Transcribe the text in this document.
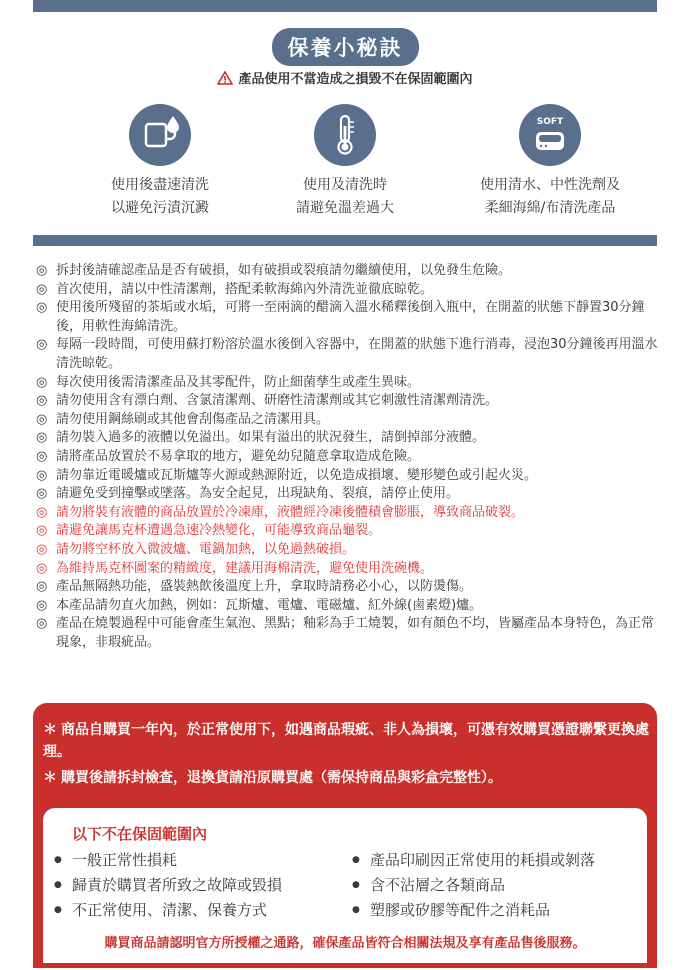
保養小秘訣
產品使用不當造成之損毀不在保固範圍內
使用後盡速清洗
以避免污漬沉澱
使用及清洗時
請避免溫差過大
SOFT
使用清水、中性洗劑及
柔細海綿/布清洗產品
◎ 拆封後請確認產品是否有破損，如有破損或裂痕請勿繼續使用，以免發生危險。
◎ 首次使用，請以中性清潔劑，搭配柔軟海綿內外清洗並徹底晾乾。
◎ 使用後所殘留的茶垢或水垢，可將一至兩滴的醋滴入溫水稀釋後倒入瓶中，在開蓋的狀態下靜置30分鐘後，用軟性海綿清洗。
◎ 每隔一段時間，可使用蘇打粉溶於溫水後倒入容器中，在開蓋的狀態下進行消毒，浸泡30分鐘後再用溫水清洗晾乾。
◎ 每次使用後需清潔產品及其零配件，防止細菌孳生或產生異味。
◎ 請勿使用含有漂白劑、含氯清潔劑、研磨性清潔劑或其它刺激性清潔劑清洗。
◎ 請勿使用鋼絲刷或其他會刮傷產品之清潔用具。
◎ 請勿裝入過多的液體以免溢出。如果有溢出的狀況發生，請倒掉部分液體。
◎ 請將產品放置於不易拿取的地方，避免幼兒隨意拿取造成危險。
◎ 請勿靠近電暖爐或瓦斯爐等火源或熱源附近，以免造成損壞、變形變色或引起火災。
◎ 請避免受到撞擊或墜落。為安全起見，出現缺角、裂痕，請停止使用。
◎ 請勿將裝有液體的商品放置於冷凍庫，液體經冷凍後體積會膨脹，導致商品破裂。
◎ 請避免讓馬克杯遭遇急速冷熱變化，可能導致商品龜裂。
◎ 請勿將空杯放入微波爐、電鍋加熱，以免過熱破損。
◎ 為維持馬克杯圖案的精緻度，建議用海棉清洗，避免使用洗碗機。
◎ 產品無隔熱功能，盛裝熱飲後溫度上升，拿取時請務必小心，以防燙傷。
◎ 本產品請勿直火加熱，例如：瓦斯爐、電爐、電磁爐、紅外線(鹵素燈)爐。
◎ 產品在燒製過程中可能會產生氣泡、黑點；釉彩為手工燒製，如有顏色不均，皆屬產品本身特色，為正常現象，非瑕疵品。
＊ 商品自購買一年內，於正常使用下，如遇商品瑕疵、非人為損壞，可憑有效購買憑證聯繫更換處理。
＊ 購買後請拆封檢查，退換貨請沿原購買處（需保持商品與彩盒完整性）。
以下不在保固範圍內
● 一般正常性損耗
● 歸責於購買者所致之故障或毀損
● 不正常使用、清潔、保養方式
● 產品印刷因正常使用的耗損或剝落
● 含不沾層之各類商品
● 塑膠或矽膠等配件之消耗品
購買商品請認明官方所授權之通路，確保產品皆符合相關法規及享有產品售後服務。
